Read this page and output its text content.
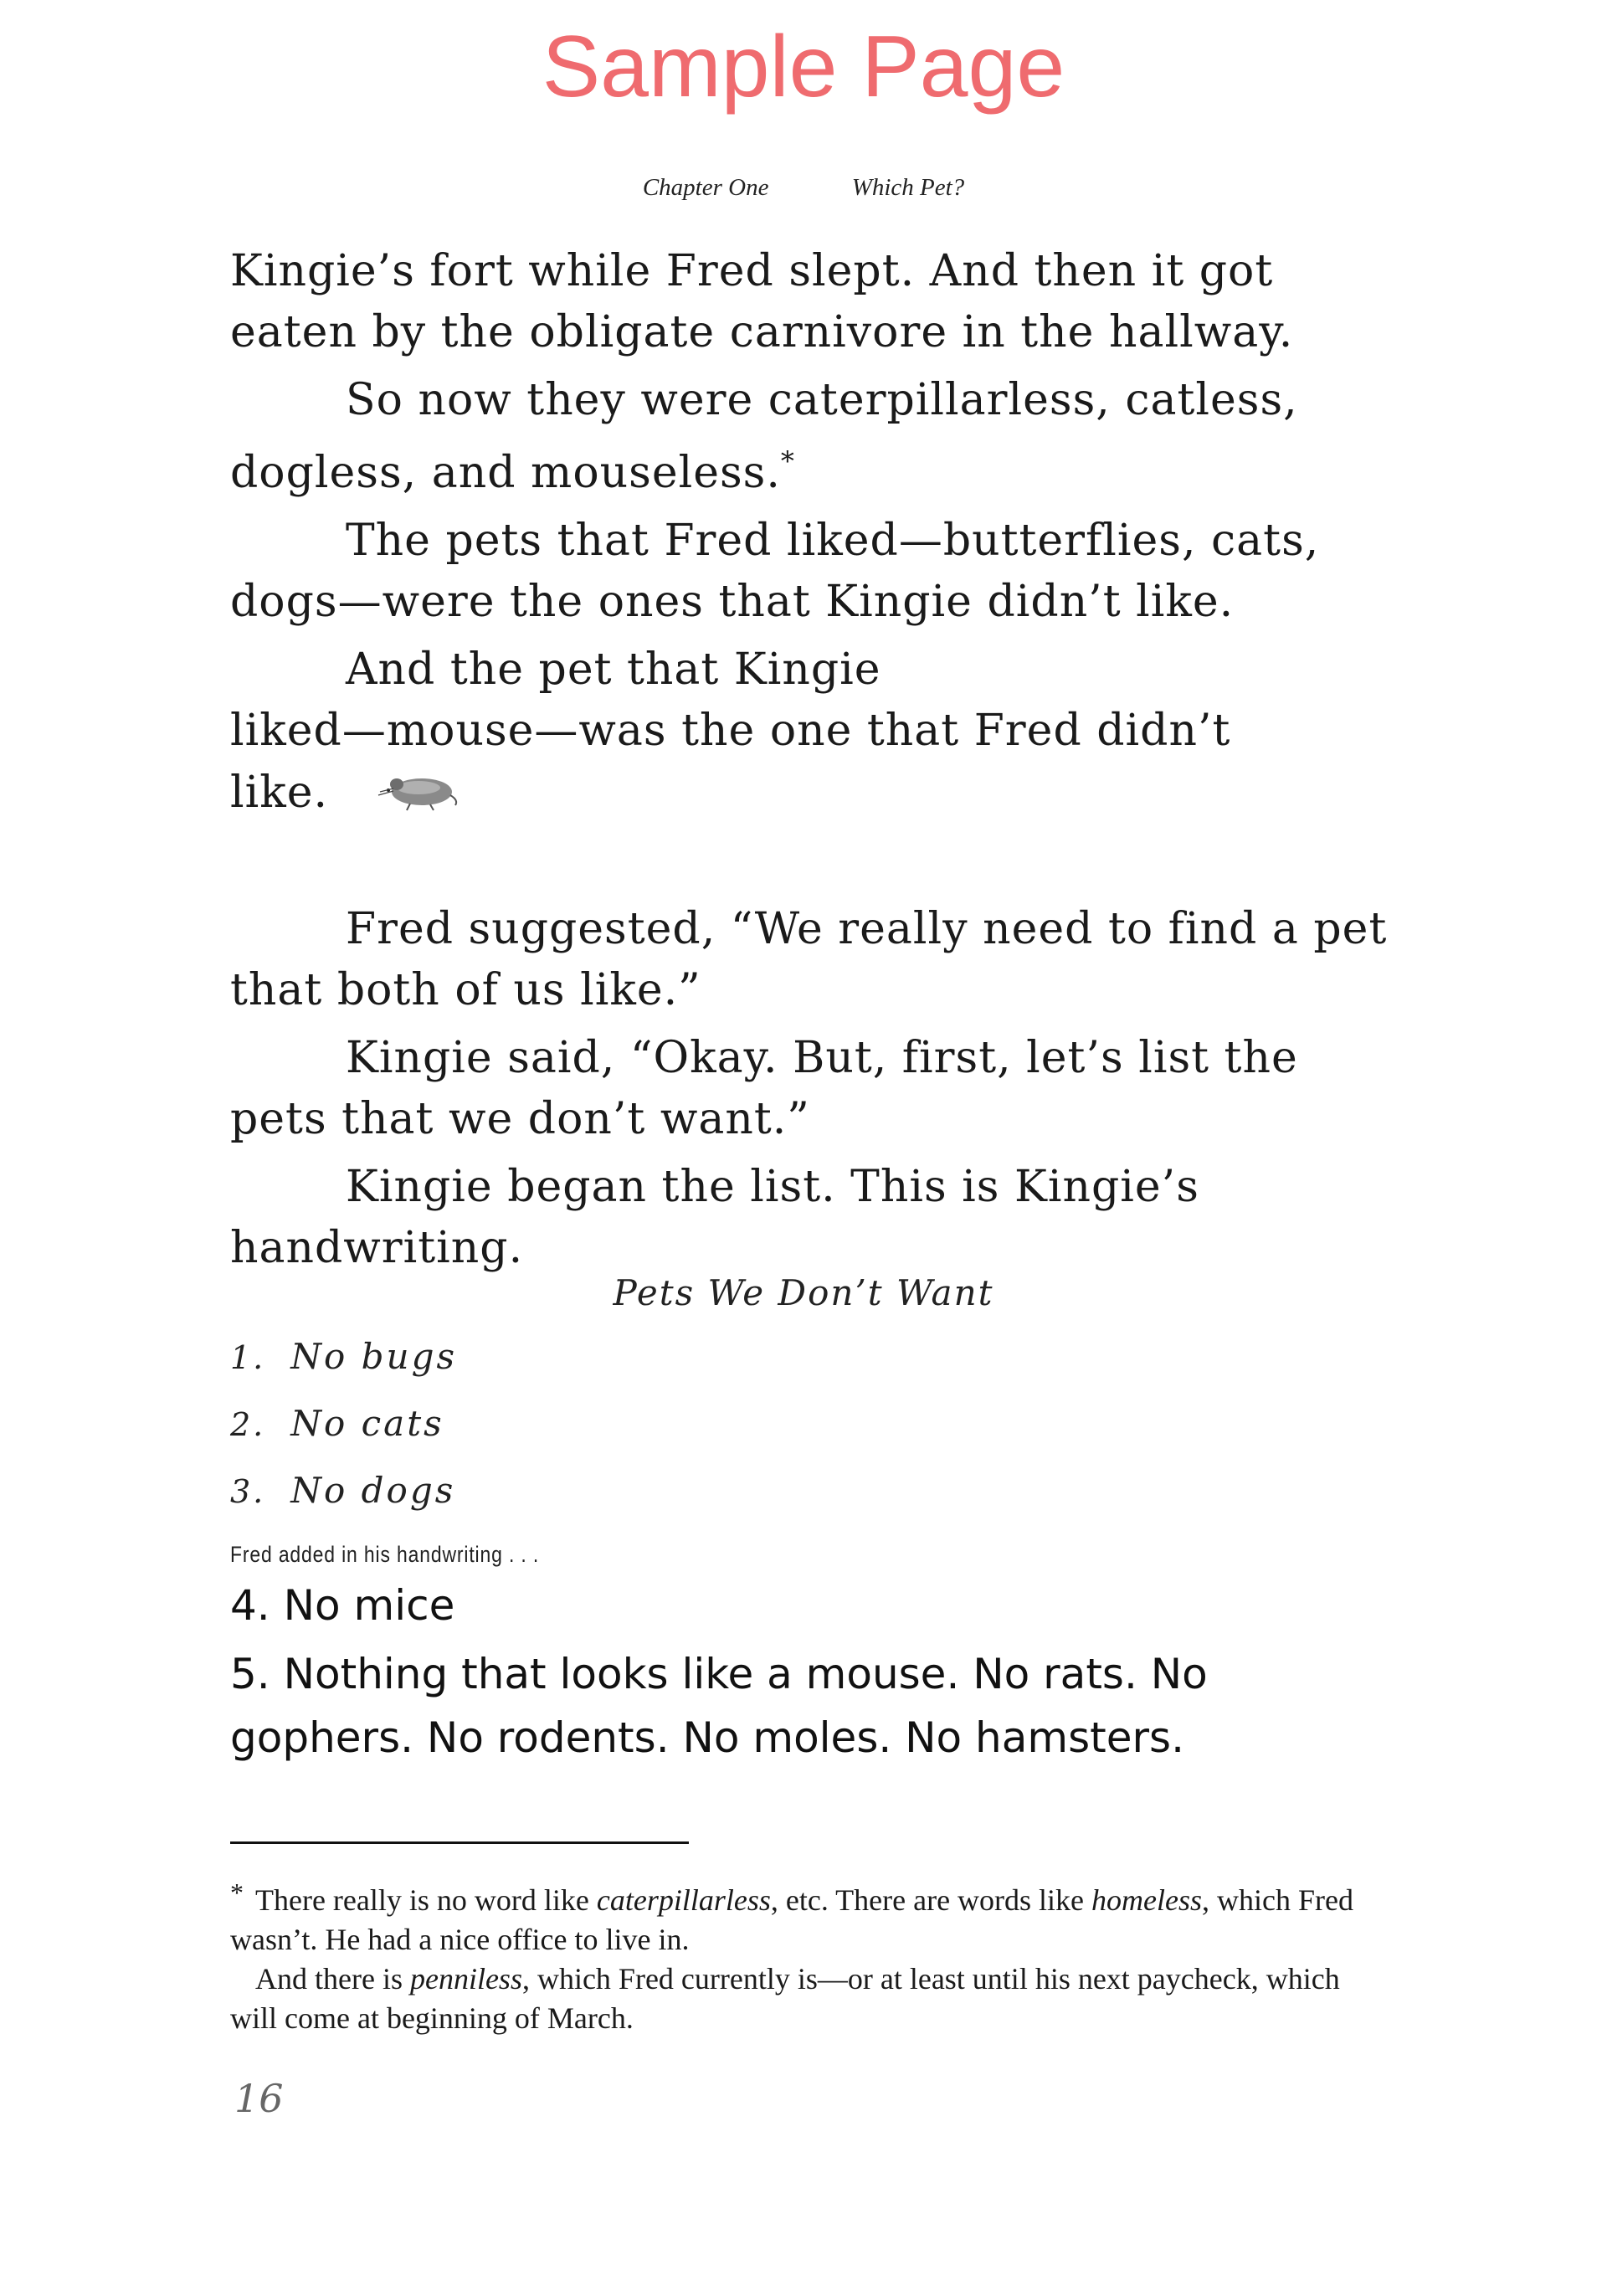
Sample Page
Chapter One	Which Pet?

Kingie’s fort while Fred slept. And then it got eaten by the obligate carnivore in the hallway.

So now they were caterpillarless, catless, dogless, and mouseless.*

The pets that Fred liked—butterflies, cats, dogs—were the ones that Kingie didn’t like.

And the pet that Kingie
liked—mouse—was the one that Fred didn’t
like.

Fred suggested, “We really need to find a pet that both of us like.”

Kingie said, “Okay. But, first, let’s list the pets that we don’t want.”

Kingie began the list. This is Kingie’s handwriting.

Pets We Don’t Want
1. No bugs
2. No cats
3. No dogs
Fred added in his handwriting . . .
4. No mice
5. Nothing that looks like a mouse. No rats. No gophers. No rodents. No moles. No hamsters.

* There really is no word like caterpillarless, etc. There are words like homeless, which Fred wasn’t. He had a nice office to live in.

And there is penniless, which Fred currently is—or at least until his next paycheck, which will come at beginning of March.

16
